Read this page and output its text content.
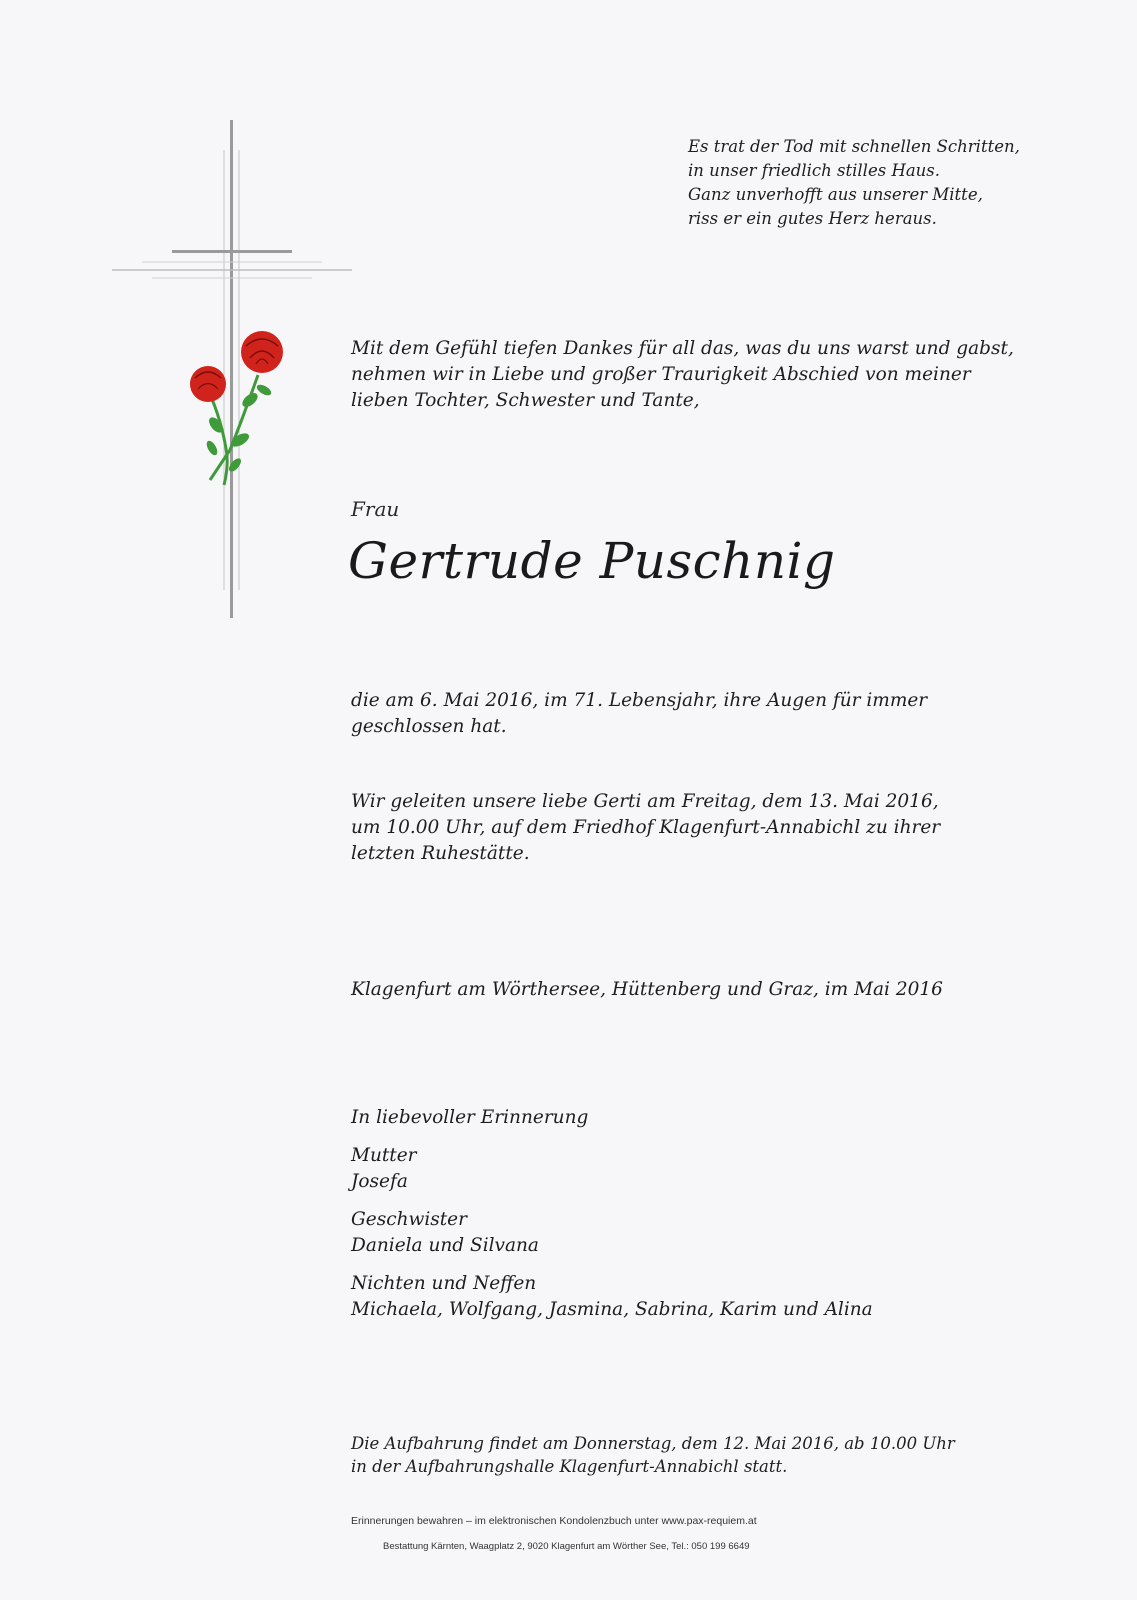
Es trat der Tod mit schnellen Schritten,
in unser friedlich stilles Haus.
Ganz unverhofft aus unserer Mitte,
riss er ein gutes Herz heraus.
Mit dem Gefühl tiefen Dankes für all das, was du uns warst und gabst,
nehmen wir in Liebe und großer Traurigkeit Abschied von meiner
lieben Tochter, Schwester und Tante,
Frau
Gertrude Puschnig
die am 6. Mai 2016, im 71. Lebensjahr, ihre Augen für immer
geschlossen hat.
Wir geleiten unsere liebe Gerti am Freitag, dem 13. Mai 2016,
um 10.00 Uhr, auf dem Friedhof Klagenfurt-Annabichl zu ihrer
letzten Ruhestätte.
Klagenfurt am Wörthersee, Hüttenberg und Graz, im Mai 2016
In liebevoller Erinnerung
Mutter
Josefa
Geschwister
Daniela und Silvana
Nichten und Neffen
Michaela, Wolfgang, Jasmina, Sabrina, Karim und Alina
Die Aufbahrung findet am Donnerstag, dem 12. Mai 2016, ab 10.00 Uhr
in der Aufbahrungshalle Klagenfurt-Annabichl statt.
Erinnerungen bewahren – im elektronischen Kondolenzbuch unter www.pax-requiem.at
Bestattung Kärnten, Waagplatz 2, 9020 Klagenfurt am Wörther See, Tel.: 050 199 6649
